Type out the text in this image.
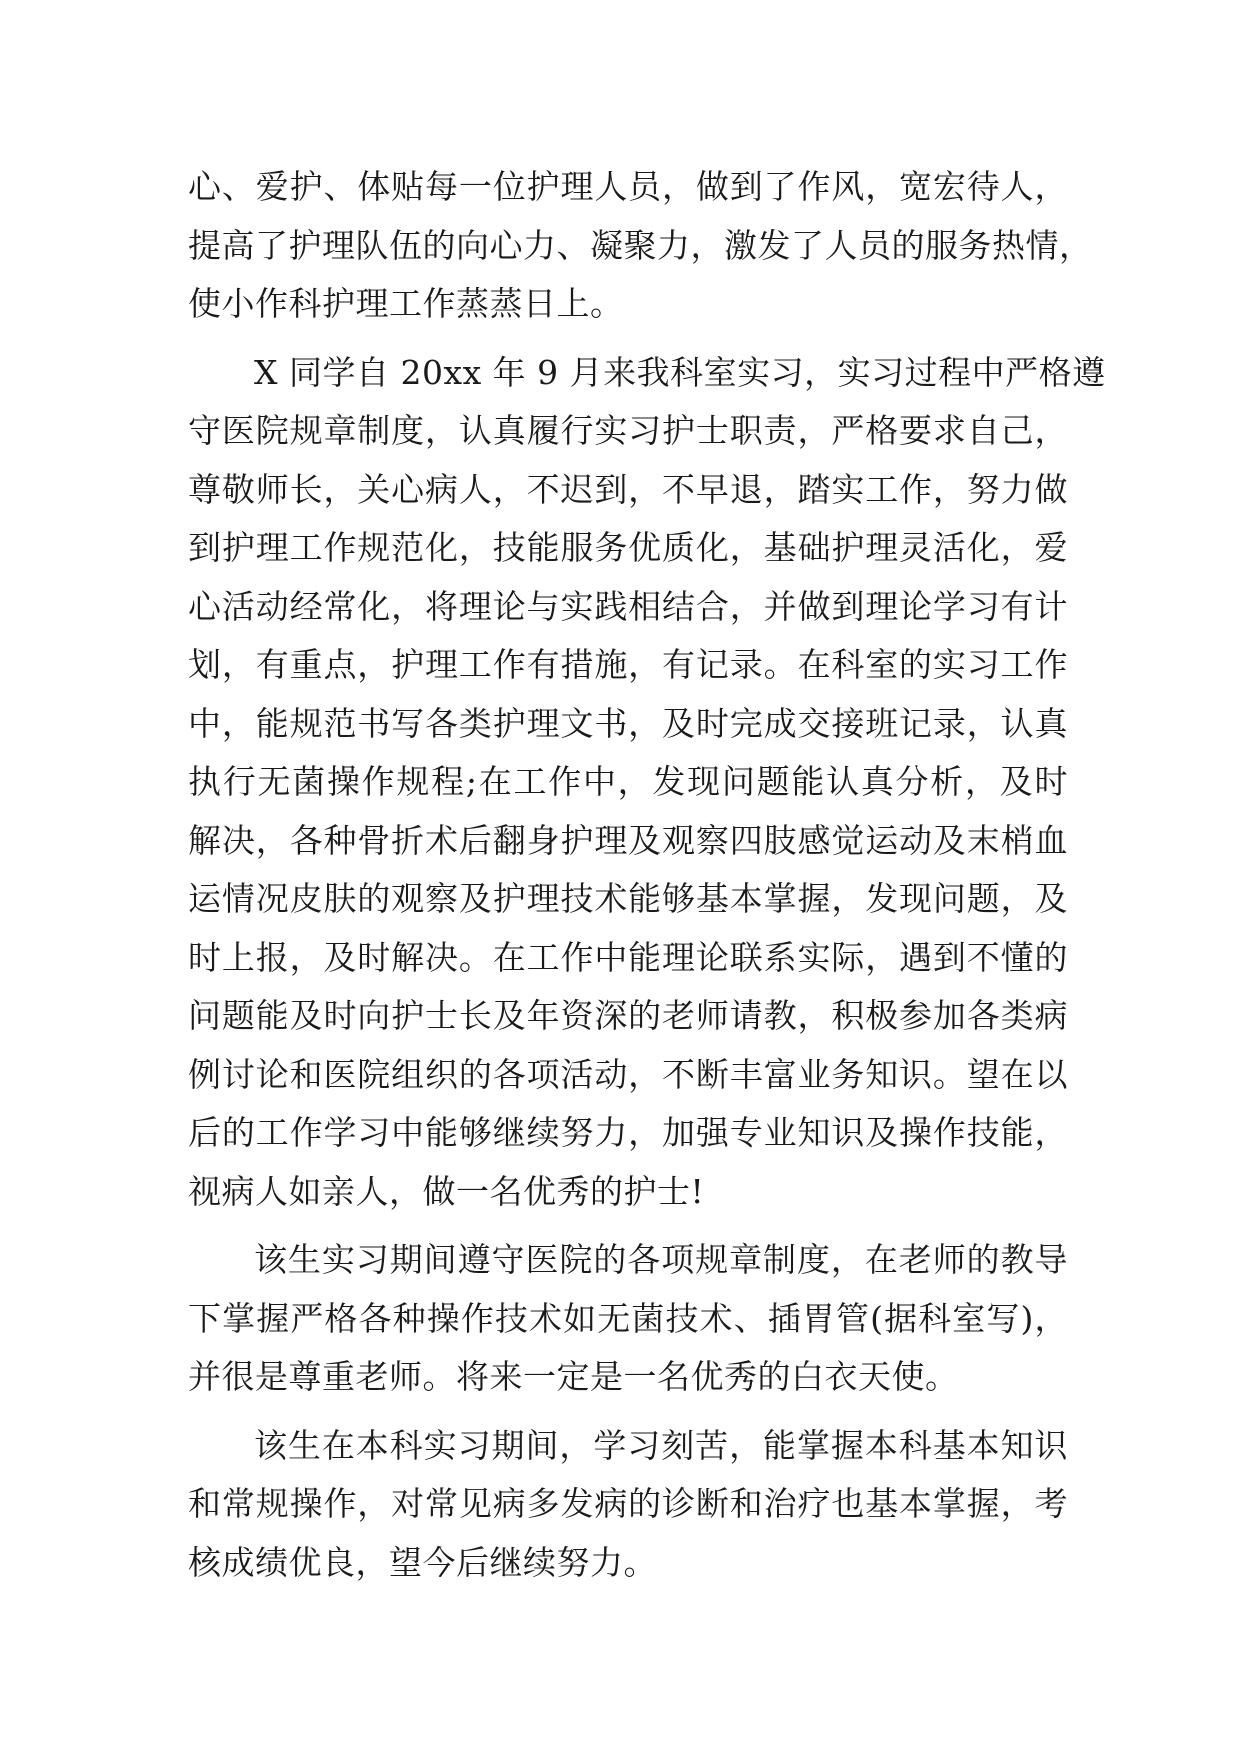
心、爱护、体贴每一位护理人员，做到了作风，宽宏待人，
提高了护理队伍的向心力、凝聚力，激发了人员的服务热情，
使小作科护理工作蒸蒸日上。
X 同学自 20xx 年 9 月来我科室实习，实习过程中严格遵
守医院规章制度，认真履行实习护士职责，严格要求自己，
尊敬师长，关心病人，不迟到，不早退，踏实工作，努力做
到护理工作规范化，技能服务优质化，基础护理灵活化，爱
心活动经常化，将理论与实践相结合，并做到理论学习有计
划，有重点，护理工作有措施，有记录。在科室的实习工作
中，能规范书写各类护理文书，及时完成交接班记录，认真
执行无菌操作规程;在工作中，发现问题能认真分析，及时
解决，各种骨折术后翻身护理及观察四肢感觉运动及末梢血
运情况皮肤的观察及护理技术能够基本掌握，发现问题，及
时上报，及时解决。在工作中能理论联系实际，遇到不懂的
问题能及时向护士长及年资深的老师请教，积极参加各类病
例讨论和医院组织的各项活动，不断丰富业务知识。望在以
后的工作学习中能够继续努力，加强专业知识及操作技能，
视病人如亲人，做一名优秀的护士!
该生实习期间遵守医院的各项规章制度，在老师的教导
下掌握严格各种操作技术如无菌技术、插胃管(据科室写)，
并很是尊重老师。将来一定是一名优秀的白衣天使。
该生在本科实习期间，学习刻苦，能掌握本科基本知识
和常规操作，对常见病多发病的诊断和治疗也基本掌握，考
核成绩优良，望今后继续努力。
